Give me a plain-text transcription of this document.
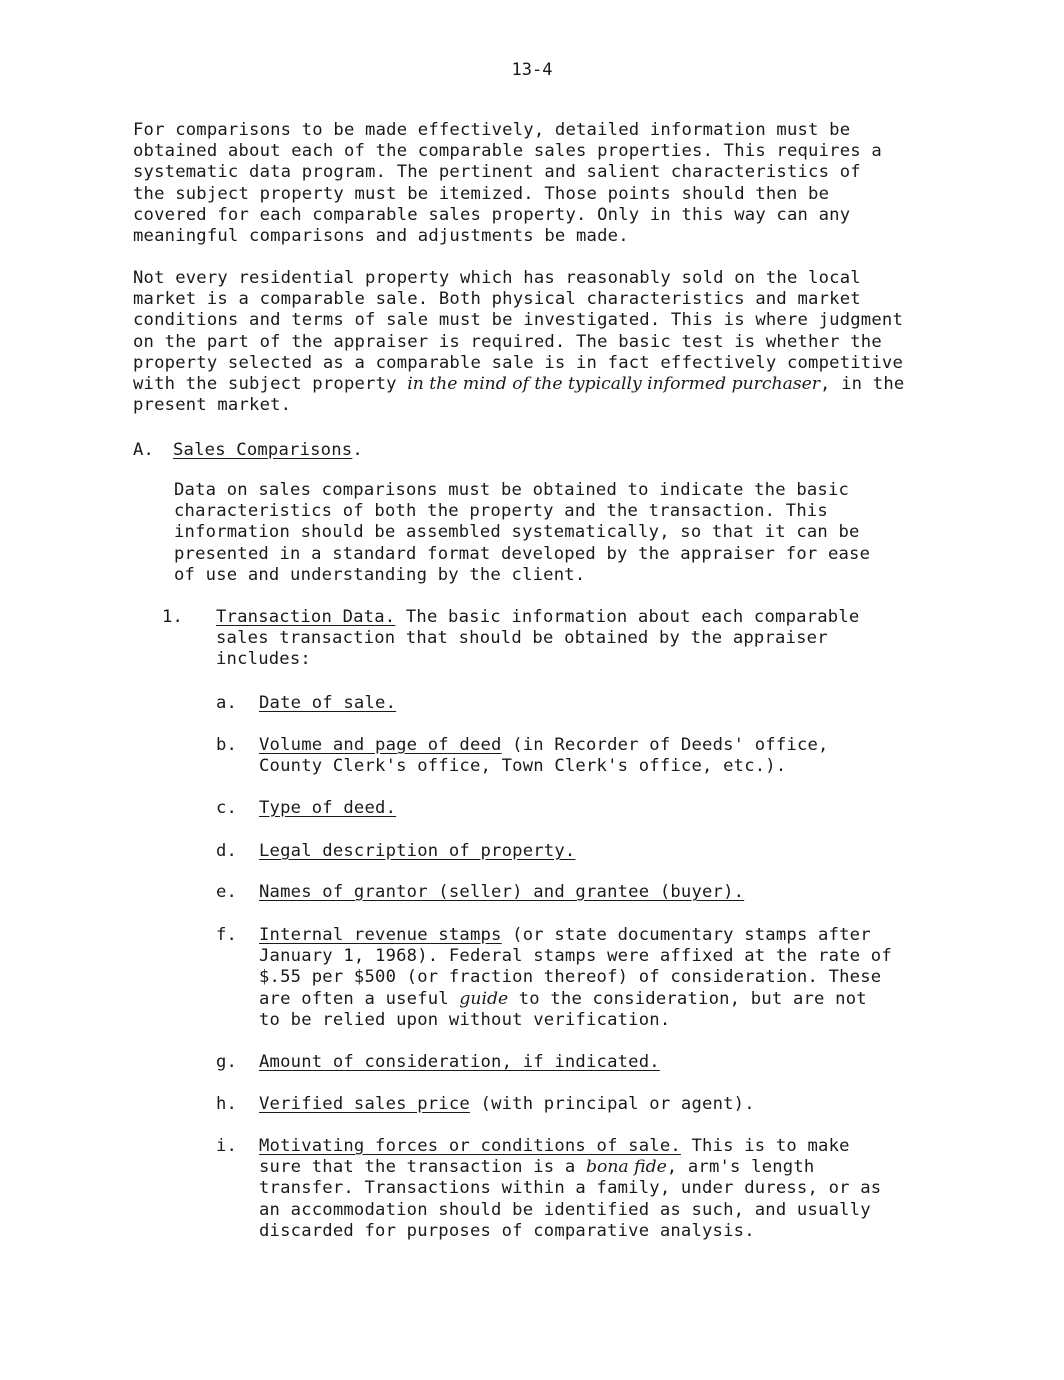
13-4
For comparisons to be made effectively, detailed information must be obtained about each of the comparable sales properties. This requires a systematic data program. The pertinent and salient characteristics of the subject property must be itemized. Those points should then be covered for each comparable sales property. Only in this way can any meaningful comparisons and adjustments be made.
Not every residential property which has reasonably sold on the local market is a comparable sale. Both physical characteristics and market conditions and terms of sale must be investigated. This is where judgment on the part of the appraiser is required. The basic test is whether the property selected as a comparable sale is in fact effectively competitive with the subject property in the mind of the typically informed purchaser, in the present market.
A. Sales Comparisons.
Data on sales comparisons must be obtained to indicate the basic characteristics of both the property and the transaction. This information should be assembled systematically, so that it can be presented in a standard format developed by the appraiser for ease of use and understanding by the client.
1.	Transaction Data. The basic information about each comparable sales transaction that should be obtained by the appraiser includes:
a. Date of sale.
b. Volume and page of deed (in Recorder of Deeds' office, County Clerk's office, Town Clerk's office, etc.).
c. Type of deed.
d. Legal description of property.
e. Names of grantor (seller) and grantee (buyer).
f. Internal revenue stamps (or state documentary stamps after January 1, 1968). Federal stamps were affixed at the rate of $.55 per $500 (or fraction thereof) of consideration. These are often a useful guide to the consideration, but are not to be relied upon without verification.
g. Amount of consideration, if indicated.
h. Verified sales price (with principal or agent).
i. Motivating forces or conditions of sale. This is to make sure that the transaction is a bona fide, arm's length transfer. Transactions within a family, under duress, or as an accommodation should be identified as such, and usually discarded for purposes of comparative analysis.
